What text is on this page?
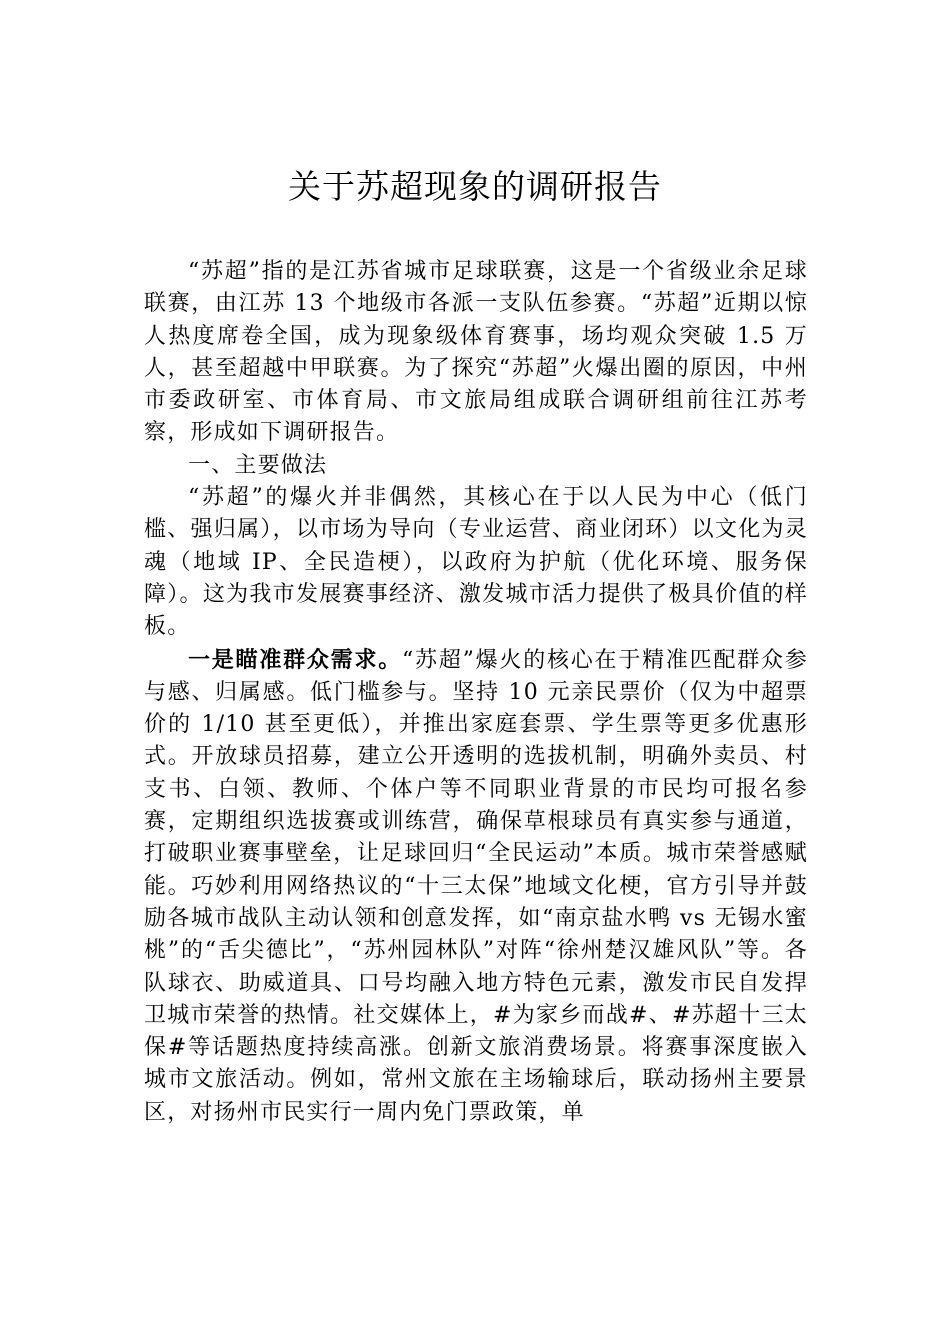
关于苏超现象的调研报告

“苏超”指的是江苏省城市足球联赛，这是一个省级业余足球联赛，由江苏 13 个地级市各派一支队伍参赛。“苏超”近期以惊人热度席卷全国，成为现象级体育赛事，场均观众突破 1.5 万人，甚至超越中甲联赛。为了探究“苏超”火爆出圈的原因，中州市委政研室、市体育局、市文旅局组成联合调研组前往江苏考察，形成如下调研报告。

一、主要做法

“苏超”的爆火并非偶然，其核心在于以人民为中心（低门槛、强归属），以市场为导向（专业运营、商业闭环）以文化为灵魂（地域 IP、全民造梗），以政府为护航（优化环境、服务保障）。这为我市发展赛事经济、激发城市活力提供了极具价值的样板。

一是瞄准群众需求。“苏超”爆火的核心在于精准匹配群众参与感、归属感。低门槛参与。坚持 10 元亲民票价（仅为中超票价的 1/10 甚至更低），并推出家庭套票、学生票等更多优惠形式。开放球员招募，建立公开透明的选拔机制，明确外卖员、村支书、白领、教师、个体户等不同职业背景的市民均可报名参赛，定期组织选拔赛或训练营，确保草根球员有真实参与通道，打破职业赛事壁垒，让足球回归“全民运动”本质。城市荣誉感赋能。巧妙利用网络热议的“十三太保”地域文化梗，官方引导并鼓励各城市战队主动认领和创意发挥，如“南京盐水鸭 vs 无锡水蜜桃”的“舌尖德比”，“苏州园林队”对阵“徐州楚汉雄风队”等。各队球衣、助威道具、口号均融入地方特色元素，激发市民自发捍卫城市荣誉的热情。社交媒体上，#为家乡而战#、#苏超十三太保#等话题热度持续高涨。创新文旅消费场景。将赛事深度嵌入城市文旅活动。例如，常州文旅在主场输球后，联动扬州主要景区，对扬州市民实行一周内免门票政策，单
